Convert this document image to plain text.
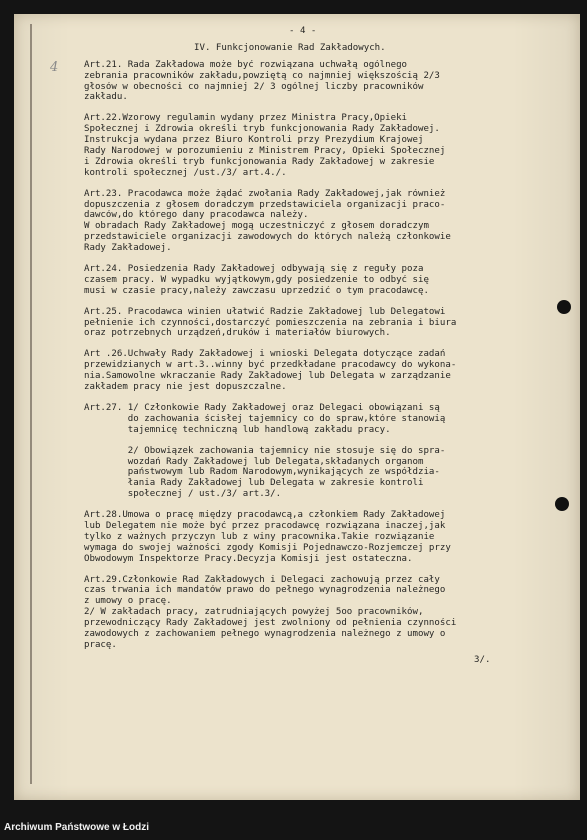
4
- 4 -
IV. Funkcjonowanie Rad Zakładowych.
Art.21. Rada Zakładowa może być rozwiązana uchwałą ogólnego
zebrania pracowników zakładu,powziętą co najmniej większością 2/3
głosów w obecności co najmniej 2/ 3 ogólnej liczby pracowników
zakładu.
Art.22.Wzorowy regulamin wydany przez Ministra Pracy,Opieki
Społecznej i Zdrowia określi tryb funkcjonowania Rady Zakładowej.
Instrukcja wydana przez Biuro Kontroli przy Prezydium Krajowej
Rady Narodowej w porozumieniu z Ministrem Pracy, Opieki Społecznej
i Zdrowia określi tryb funkcjonowania Rady Zakładowej w zakresie
kontroli społecznej /ust./3/ art.4./.
Art.23. Pracodawca może żądać zwołania Rady Zakładowej,jak również
dopuszczenia z głosem doradczym przedstawiciela organizacji praco-
dawców,do którego dany pracodawca należy.
W obradach Rady Zakładowej mogą uczestniczyć z głosem doradczym
przedstawiciele organizacji zawodowych do których należą członkowie
Rady Zakładowej.
Art.24. Posiedzenia Rady Zakładowej odbywają się z reguły poza
czasem pracy. W wypadku wyjątkowym,gdy posiedzenie to odbyć się
musi w czasie pracy,należy zawczasu uprzedzić o tym pracodawcę.
Art.25. Pracodawca winien ułatwić Radzie Zakładowej lub Delegatowi
pełnienie ich czynności,dostarczyć pomieszczenia na zebrania i biura
oraz potrzebnych urządzeń,druków i materiałów biurowych.
Art .26.Uchwały Rady Zakładowej i wnioski Delegata dotyczące zadań
przewidzianych w art.3..winny być przedkładane pracodawcy do wykona-
nia.Samowolne wkraczanie Rady Zakładowej lub Delegata w zarządzanie
zakładem pracy nie jest dopuszczalne.
Art.27. 1/ Członkowie Rady Zakładowej oraz Delegaci obowiązani są
do zachowania ścisłej tajemnicy co do spraw,które stanowią
tajemnicę techniczną lub handlową zakładu pracy.
2/ Obowiązek zachowania tajemnicy nie stosuje się do spra-
wozdań Rady Zakładowej lub Delegata,składanych organom
państwowym lub Radom Narodowym,wynikających ze współdzia-
łania Rady Zakładowej lub Delegata w zakresie kontroli
społecznej / ust./3/ art.3/.
Art.28.Umowa o pracę między pracodawcą,a członkiem Rady Zakładowej
lub Delegatem nie może być przez pracodawcę rozwiązana inaczej,jak
tylko z ważnych przyczyn lub z winy pracownika.Takie rozwiązanie
wymaga do swojej ważności zgody Komisji Pojednawczo-Rozjemczej przy
Obwodowym Inspektorze Pracy.Decyzja Komisji jest ostateczna.
Art.29.Członkowie Rad Zakładowych i Delegaci zachowują przez cały
czas trwania ich mandatów prawo do pełnego wynagrodzenia należnego
z umowy o pracę.
2/ W zakładach pracy, zatrudniających powyżej 5oo pracowników,
przewodniczący Rady Zakładowej jest zwolniony od pełnienia czynności
zawodowych z zachowaniem pełnego wynagrodzenia należnego z umowy o
pracę.
3/.
Archiwum Państwowe w Łodzi
